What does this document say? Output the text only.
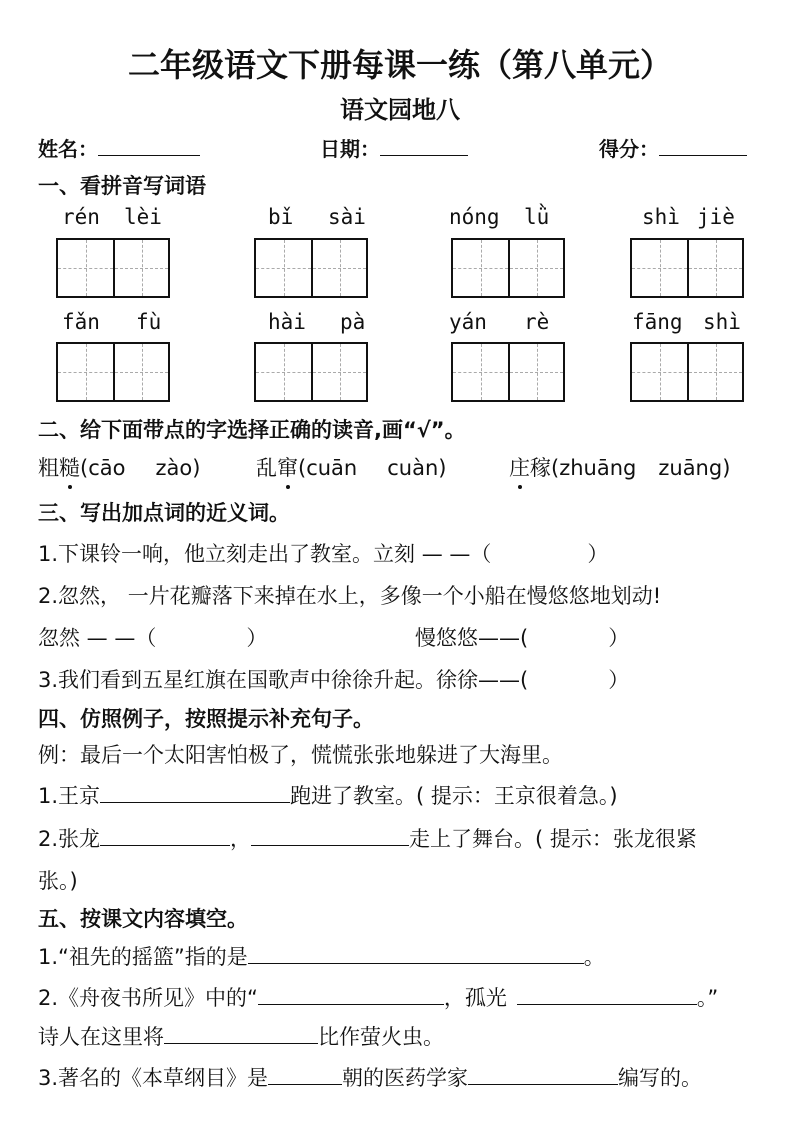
二年级语文下册每课一练（第八单元）
语文园地八
姓名：	日期：	得分：
一、看拼音写词语
rén lèi	bǐ sài	nóng lǜ	shì jiè
fǎn fù	hài pà	yán rè	fāng shì
二、给下面带点的字选择正确的读音,画“√”。
粗糙(cāo zào)	乱窜(cuān cuàn)	庄稼(zhuāng zuāng)
三、写出加点词的近义词。
1.下课铃一响，他立刻走出了教室。立刻 — —（	）
2.忽然， 一片花瓣落下来掉在水上，多像一个小船在慢悠悠地划动!
忽然 — —（	）	慢悠悠——(	）
3.我们看到五星红旗在国歌声中徐徐升起。徐徐——(	）
四、仿照例子，按照提示补充句子。
例：最后一个太阳害怕极了，慌慌张张地躲进了大海里。
1.王京	跑进了教室。( 提示：王京很着急。)
2.张龙	，	走上了舞台。( 提示：张龙很紧
张。)
五、按课文内容填空。
1.“祖先的摇篮”指的是	。
2.《舟夜书所见》中的“	，孤光	。”
诗人在这里将	比作萤火虫。
3.著名的《本草纲目》是	朝的医药学家	编写的。
